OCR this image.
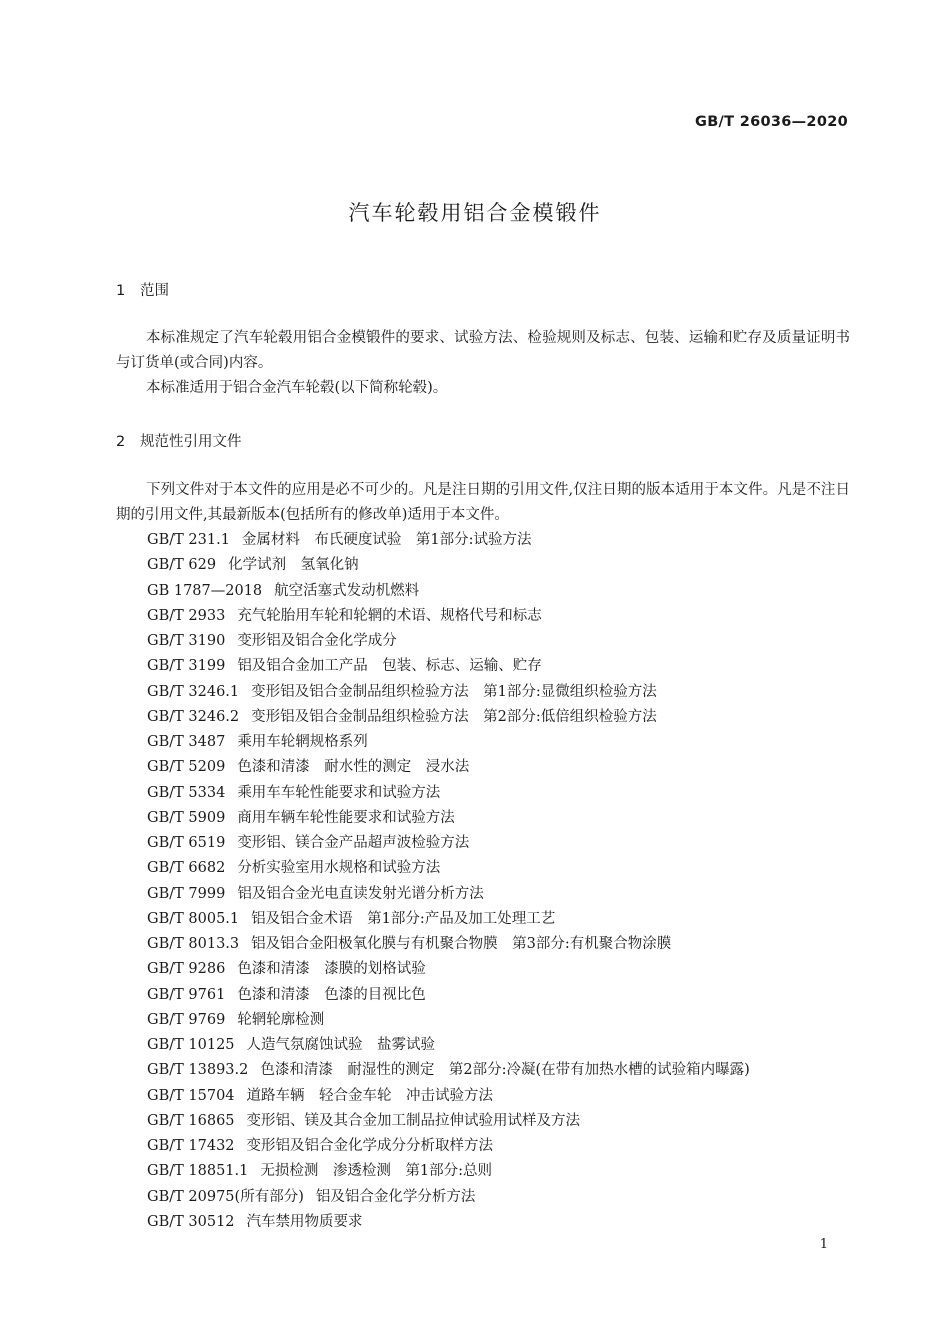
GB/T 26036—2020
汽车轮毂用铝合金模锻件
1 范围

本标准规定了汽车轮毂用铝合金模锻件的要求、试验方法、检验规则及标志、包装、运输和贮存及质量证明书与订货单(或合同)内容。

本标准适用于铝合金汽车轮毂(以下简称轮毂)。

2 规范性引用文件

下列文件对于本文件的应用是必不可少的。凡是注日期的引用文件,仅注日期的版本适用于本文件。凡是不注日期的引用文件,其最新版本(包括所有的修改单)适用于本文件。

GB/T 231.1 金属材料　布氏硬度试验　第1部分:试验方法
GB/T 629 化学试剂　氢氧化钠
GB 1787—2018 航空活塞式发动机燃料
GB/T 2933 充气轮胎用车轮和轮辋的术语、规格代号和标志
GB/T 3190 变形铝及铝合金化学成分
GB/T 3199 铝及铝合金加工产品　包装、标志、运输、贮存
GB/T 3246.1 变形铝及铝合金制品组织检验方法　第1部分:显微组织检验方法
GB/T 3246.2 变形铝及铝合金制品组织检验方法　第2部分:低倍组织检验方法
GB/T 3487 乘用车轮辋规格系列
GB/T 5209 色漆和清漆　耐水性的测定　浸水法
GB/T 5334 乘用车车轮性能要求和试验方法
GB/T 5909 商用车辆车轮性能要求和试验方法
GB/T 6519 变形铝、镁合金产品超声波检验方法
GB/T 6682 分析实验室用水规格和试验方法
GB/T 7999 铝及铝合金光电直读发射光谱分析方法
GB/T 8005.1 铝及铝合金术语　第1部分:产品及加工处理工艺
GB/T 8013.3 铝及铝合金阳极氧化膜与有机聚合物膜　第3部分:有机聚合物涂膜
GB/T 9286 色漆和清漆　漆膜的划格试验
GB/T 9761 色漆和清漆　色漆的目视比色
GB/T 9769 轮辋轮廓检测
GB/T 10125 人造气氛腐蚀试验　盐雾试验
GB/T 13893.2 色漆和清漆　耐湿性的测定　第2部分:冷凝(在带有加热水槽的试验箱内曝露)
GB/T 15704 道路车辆　轻合金车轮　冲击试验方法
GB/T 16865 变形铝、镁及其合金加工制品拉伸试验用试样及方法
GB/T 17432 变形铝及铝合金化学成分分析取样方法
GB/T 18851.1 无损检测　渗透检测　第1部分:总则
GB/T 20975(所有部分) 铝及铝合金化学分析方法
GB/T 30512 汽车禁用物质要求
1
